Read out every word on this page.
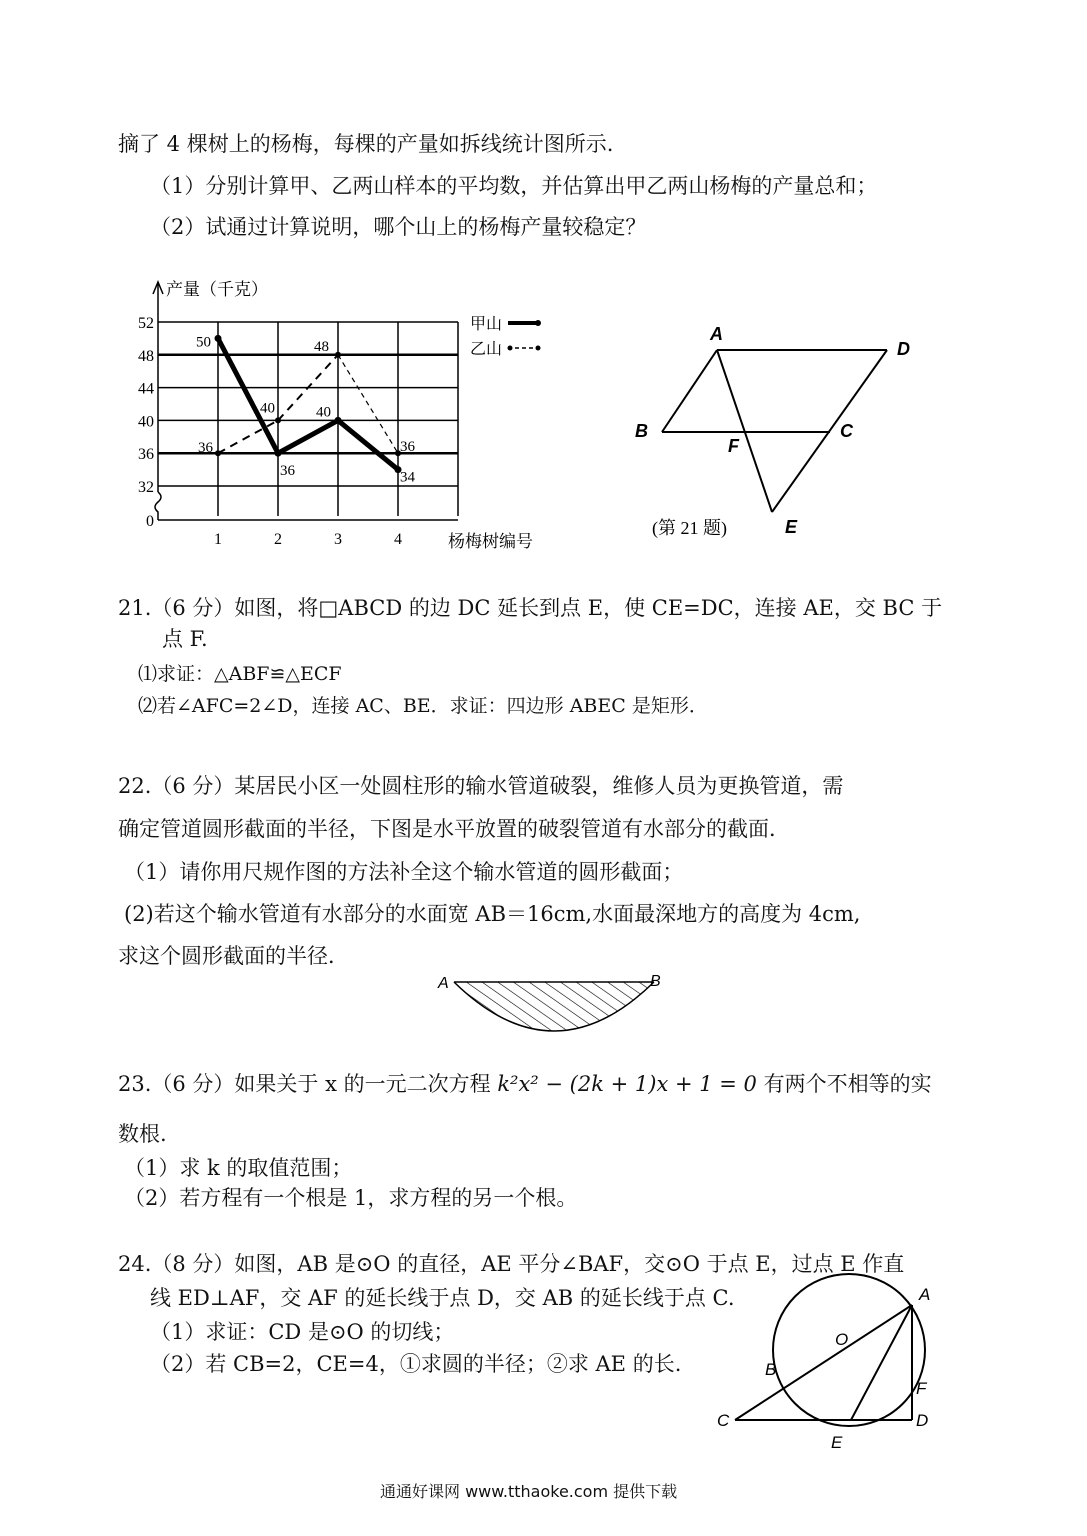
摘了 4 棵树上的杨梅，每棵的产量如拆线统计图所示.
（1）分别计算甲、乙两山样本的平均数，并估算出甲乙两山杨梅的产量总和；
（2）试通过计算说明，哪个山上的杨梅产量较稳定？
产量（千克）
杨梅树编号
0
32
36
40
44
48
52
1	2	3	4
50
36
40
34
36
40
48
36
甲山
乙山
A
D
B	C
F
E
(第 21 题)
21.（6 分）如图，将□ABCD 的边 DC 延长到点 E，使 CE=DC，连接 AE，交 BC 于
点 F.
⑴求证：△ABF≌△ECF
⑵若∠AFC=2∠D，连接 AC、BE．求证：四边形 ABEC 是矩形．
22.（6 分）某居民小区一处圆柱形的输水管道破裂，维修人员为更换管道，需
确定管道圆形截面的半径，下图是水平放置的破裂管道有水部分的截面．
（1）请你用尺规作图的方法补全这个输水管道的圆形截面；
(2)若这个输水管道有水部分的水面宽 AB＝16cm,水面最深地方的高度为 4cm,
求这个圆形截面的半径．
A	B
23.（6 分）如果关于 x 的一元二次方程 k²x² − (2k + 1)x + 1 = 0 有两个不相等的实
数根.
（1）求 k 的取值范围；
（2）若方程有一个根是 1，求方程的另一个根。
24.（8 分）如图，AB 是⊙O 的直径，AE 平分∠BAF，交⊙O 于点 E，过点 E 作直
线 ED⊥AF，交 AF 的延长线于点 D，交 AB 的延长线于点 C.
（1）求证：CD 是⊙O 的切线；
（2）若 CB=2，CE=4，①求圆的半径；②求 AE 的长.
A
O
B
C
F
D
E
通通好课网 www.tthaoke.com 提供下载
